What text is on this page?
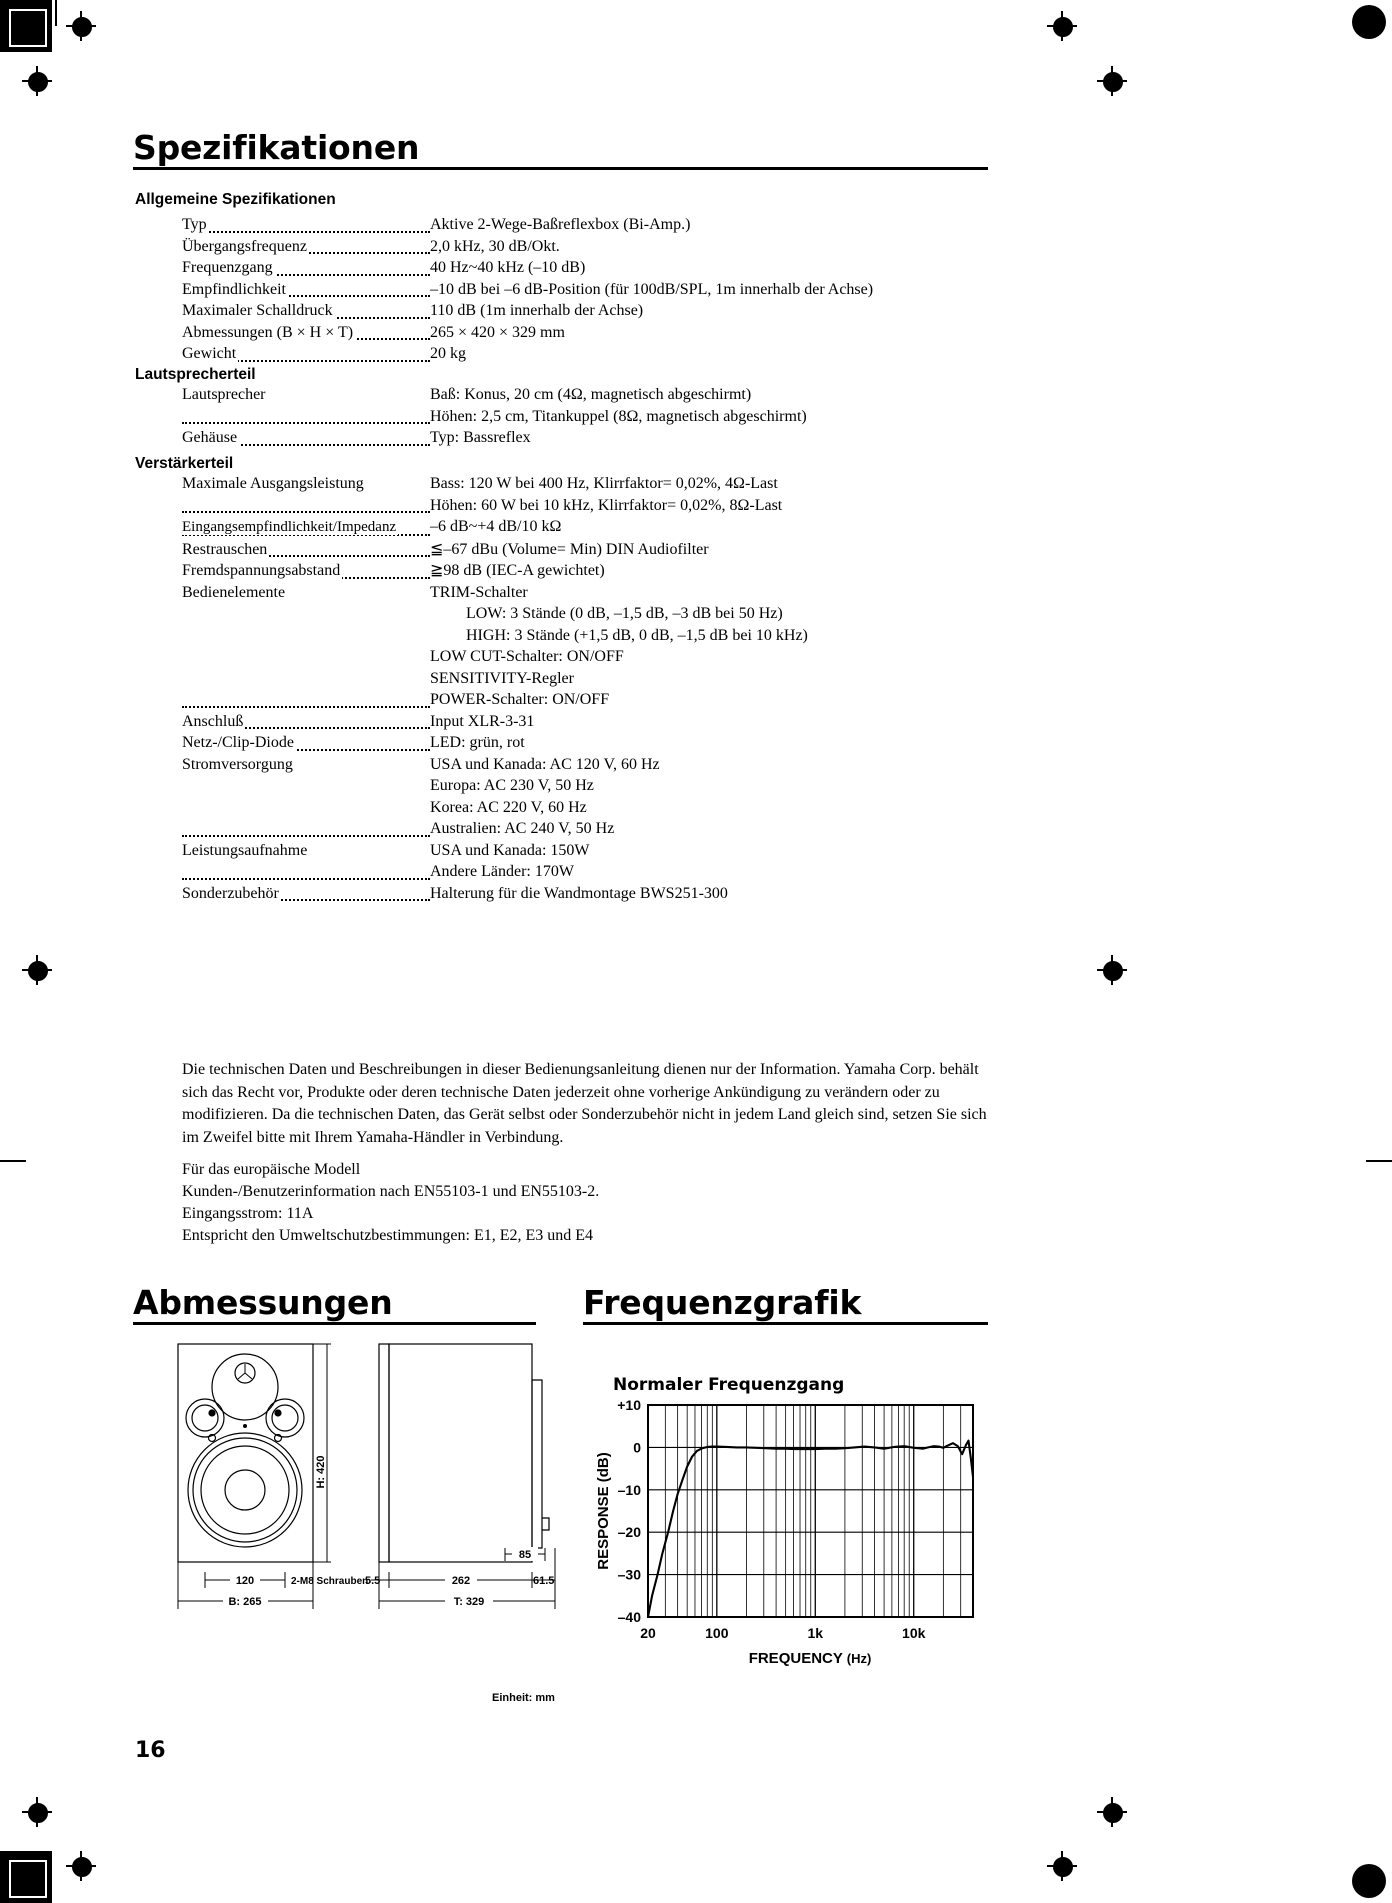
Spezifikationen
Allgemeine Spezifikationen
Typ	Aktive 2-Wege-Baßreflexbox (Bi-Amp.)
Übergangsfrequenz	2,0 kHz, 30 dB/Okt.
Frequenzgang	40 Hz~40 kHz (–10 dB)
Empfindlichkeit	–10 dB bei –6 dB-Position (für 100dB/SPL, 1m innerhalb der Achse)
Maximaler Schalldruck	110 dB (1m innerhalb der Achse)
Abmessungen (B × H × T)	265 × 420 × 329 mm
Gewicht	20 kg
Lautsprecherteil
Lautsprecher	Baß: Konus, 20 cm (4Ω, magnetisch abgeschirmt)
Höhen: 2,5 cm, Titankuppel (8Ω, magnetisch abgeschirmt)

Gehäuse	Typ: Bassreflex
Verstärkerteil
Maximale Ausgangsleistung	Bass: 120 W bei 400 Hz, Klirrfaktor= 0,02%, 4Ω-Last
Höhen: 60 W bei 10 kHz, Klirrfaktor= 0,02%, 8Ω-Last

Eingangsempfindlichkeit/Impedanz	–6 dB~+4 dB/10 kΩ
Restrauschen	≦–67 dBu (Volume= Min) DIN Audiofilter
Fremdspannungsabstand	≧98 dB (IEC-A gewichtet)
Bedienelemente	TRIM-Schalter
LOW: 3 Stände (0 dB, –1,5 dB, –3 dB bei 50 Hz)
HIGH: 3 Stände (+1,5 dB, 0 dB, –1,5 dB bei 10 kHz)
LOW CUT-Schalter: ON/OFF
SENSITIVITY-Regler
POWER-Schalter: ON/OFF

Anschluß	Input XLR-3-31
Netz-/Clip-Diode	LED: grün, rot
Stromversorgung	USA und Kanada: AC 120 V, 60 Hz
Europa: AC 230 V, 50 Hz
Korea: AC 220 V, 60 Hz
Australien: AC 240 V, 50 Hz

Leistungsaufnahme	USA und Kanada: 150W
Andere Länder: 170W

Sonderzubehör	Halterung für die Wandmontage BWS251-300
Die technischen Daten und Beschreibungen in dieser Bedienungsanleitung dienen nur der Information. Yamaha Corp. behält sich das Recht vor, Produkte oder deren technische Daten jederzeit ohne vorherige Ankündigung zu verändern oder zu modifizieren. Da die technischen Daten, das Gerät selbst oder Sonderzubehör nicht in jedem Land gleich sind, setzen Sie sich im Zweifel bitte mit Ihrem Yamaha-Händler in Verbindung.
Für das europäische Modell
Kunden-/Benutzerinformation nach EN55103-1 und EN55103-2.
Eingangsstrom: 11A
Entspricht den Umweltschutzbestimmungen: E1, E2, E3 und E4
Abmessungen	Frequenzgrafik
Normaler Frequenzgang
H: 420
120	2-M8 Schrauben
B: 265
5.5	262	61.5
85
T: 329
Einheit: mm
+10
0
–10
–20
–30
–40
20	100	1k	10k
RESPONSE (dB)
FREQUENCY (Hz)
16
